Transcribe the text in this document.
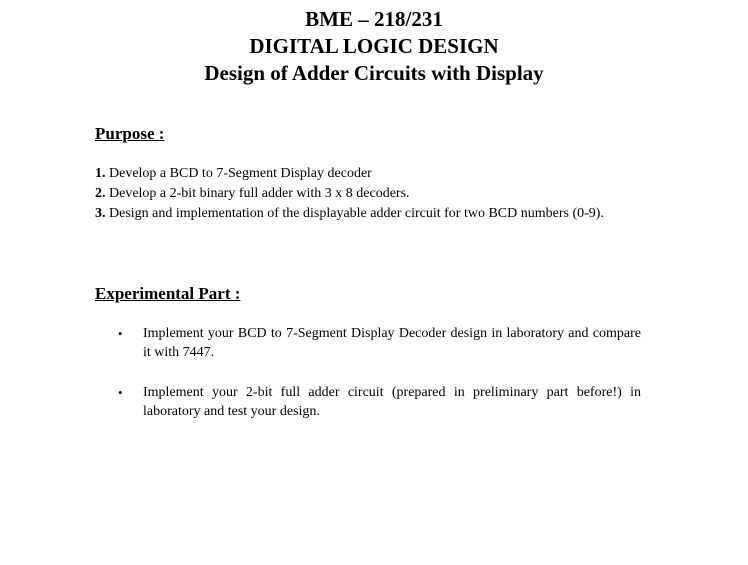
BME – 218/231
DIGITAL LOGIC DESIGN
Design of Adder Circuits with Display
Purpose :
1. Develop a BCD to 7-Segment Display decoder
2. Develop a 2-bit binary full adder with 3 x 8 decoders.
3. Design and implementation of the displayable adder circuit for two BCD numbers (0-9).
Experimental Part :
• Implement your BCD to 7-Segment Display Decoder design in laboratory and compare it with 7447.
• Implement your 2-bit full adder circuit (prepared in preliminary part before!) in laboratory and test your design.
